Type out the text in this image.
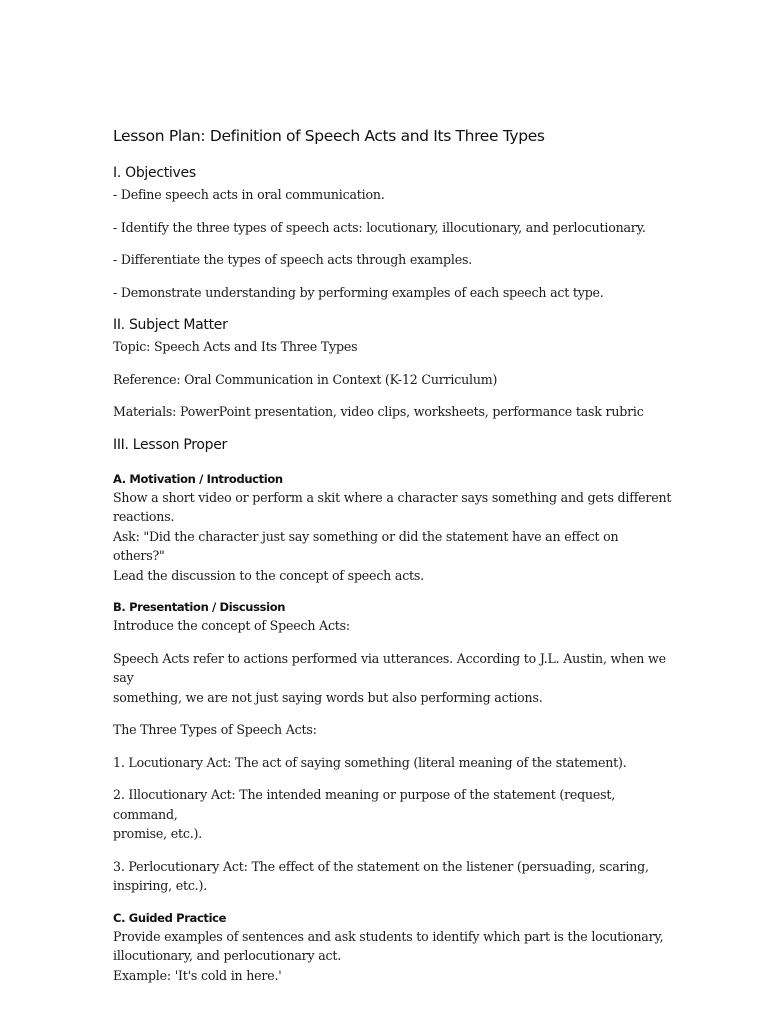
Lesson Plan: Definition of Speech Acts and Its Three Types
I. Objectives

- Define speech acts in oral communication.

- Identify the three types of speech acts: locutionary, illocutionary, and perlocutionary.

- Differentiate the types of speech acts through examples.

- Demonstrate understanding by performing examples of each speech act type.

II. Subject Matter

Topic: Speech Acts and Its Three Types

Reference: Oral Communication in Context (K-12 Curriculum)

Materials: PowerPoint presentation, video clips, worksheets, performance task rubric

III. Lesson Proper
A. Motivation / Introduction

Show a short video or perform a skit where a character says something and gets different

reactions.

Ask: "Did the character just say something or did the statement have an effect on others?"

Lead the discussion to the concept of speech acts.

B. Presentation / Discussion

Introduce the concept of Speech Acts:

Speech Acts refer to actions performed via utterances. According to J.L. Austin, when we say

something, we are not just saying words but also performing actions.

The Three Types of Speech Acts:

1. Locutionary Act: The act of saying something (literal meaning of the statement).

2. Illocutionary Act: The intended meaning or purpose of the statement (request, command,

promise, etc.).

3. Perlocutionary Act: The effect of the statement on the listener (persuading, scaring,

inspiring, etc.).

C. Guided Practice

Provide examples of sentences and ask students to identify which part is the locutionary,

illocutionary, and perlocutionary act.

Example: 'It's cold in here.'
